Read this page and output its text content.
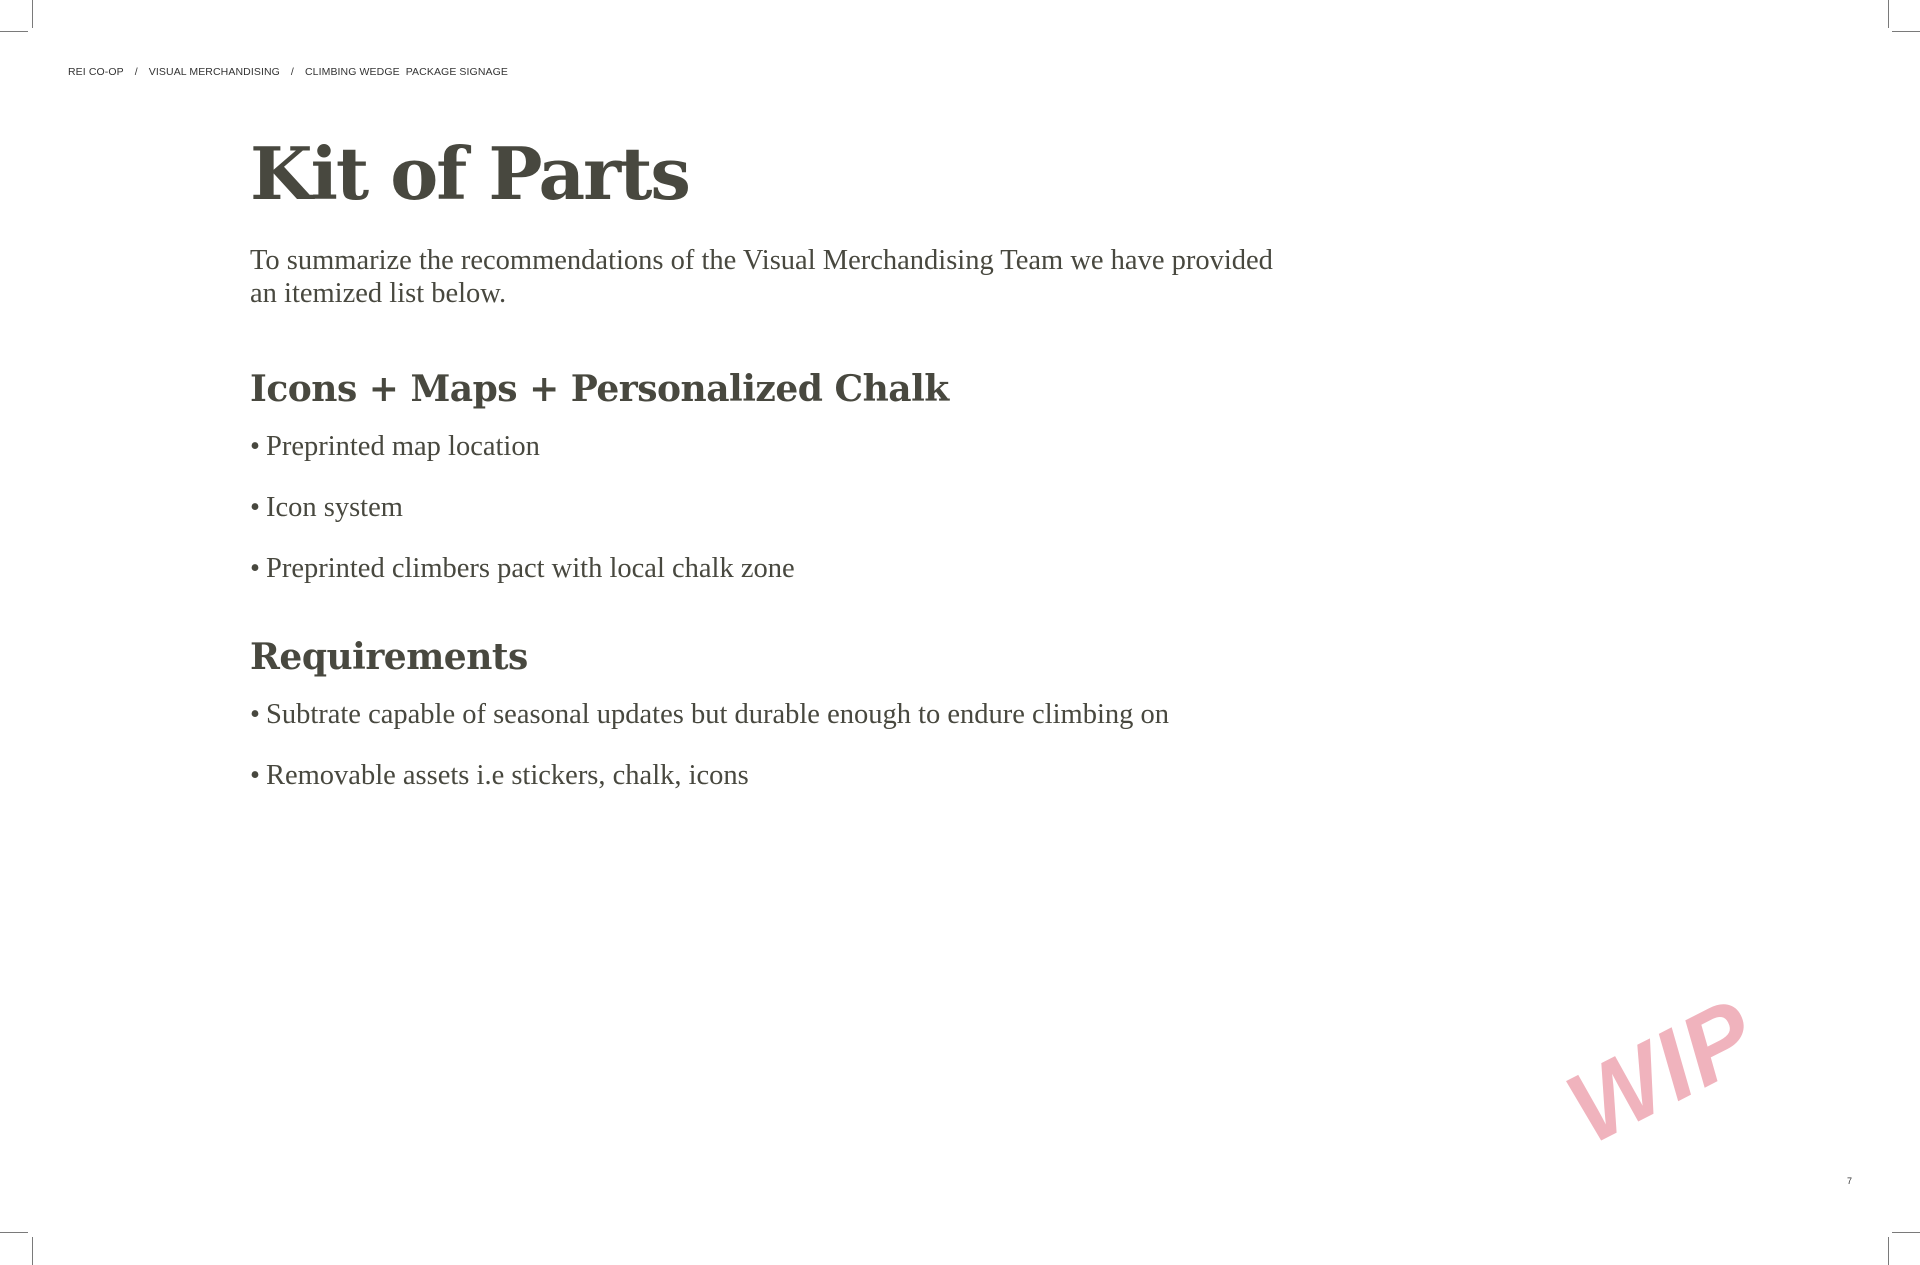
REI CO-OP / VISUAL MERCHANDISING / CLIMBING WEDGE  PACKAGE SIGNAGE
Kit of Parts

To summarize the recommendations of the Visual Merchandising Team we have provided an itemized list below.

Icons + Maps + Personalized Chalk
• Preprinted map location
• Icon system
• Preprinted climbers pact with local chalk zone
Requirements
• Subtrate capable of seasonal updates but durable enough to endure climbing on
• Removable assets i.e stickers, chalk, icons
WIP
7
